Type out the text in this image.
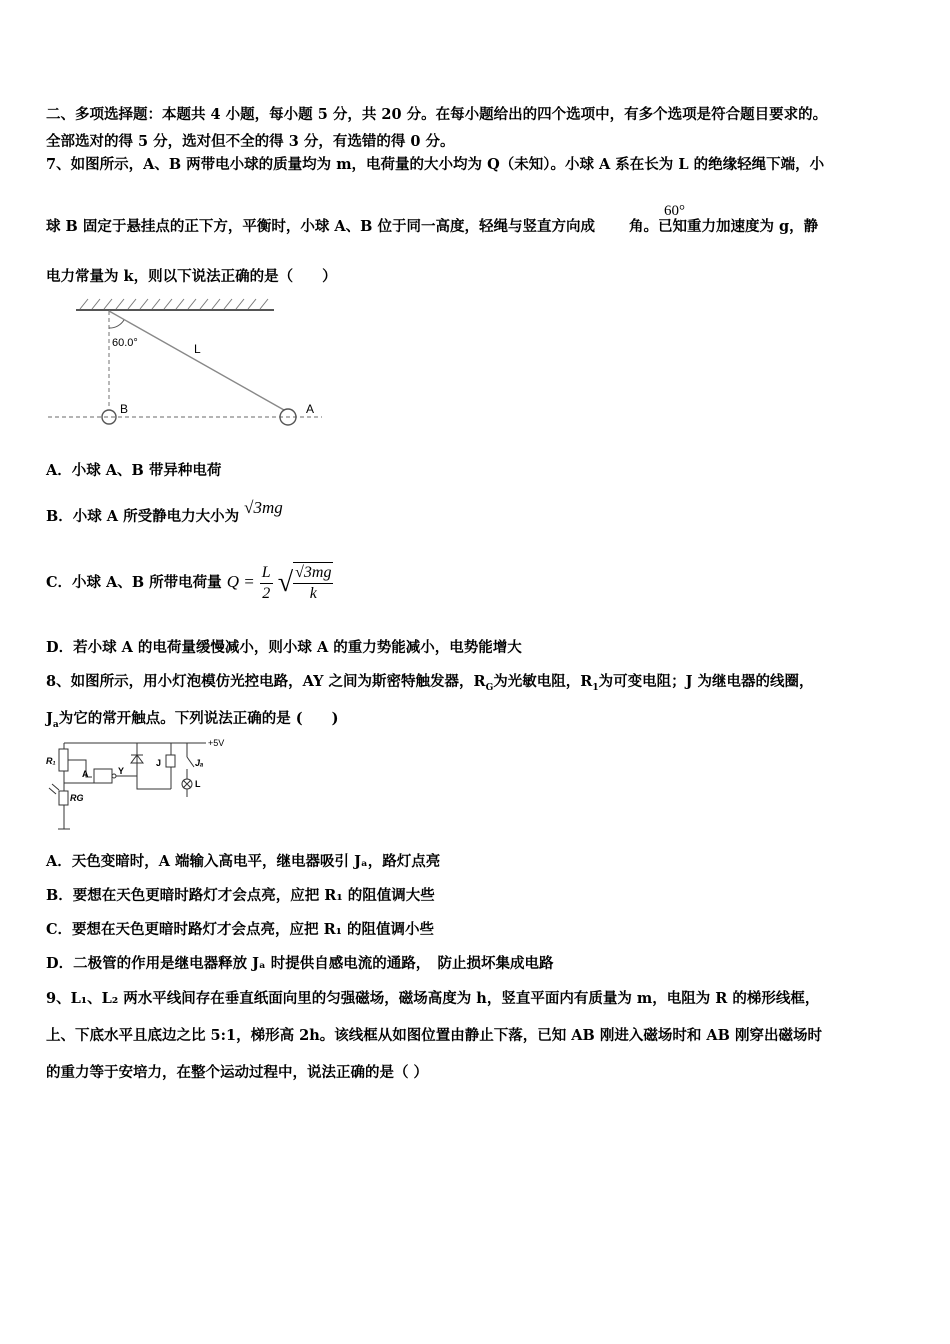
二、多项选择题：本题共 4 小题，每小题 5 分，共 20 分。在每小题给出的四个选项中，有多个选项是符合题目要求的。
全部选对的得 5 分，选对但不全的得 3 分，有选错的得 0 分。
7、如图所示，A、B 两带电小球的质量均为 m，电荷量的大小均为 Q（未知）。小球 A 系在长为 L 的绝缘轻绳下端，小
球 B 固定于悬挂点的正下方，平衡时，小球 A、B 位于同一高度，轻绳与竖直方向成 角。已知重力加速度为 g，静
60°
电力常量为 k，则以下说法正确的是（　　）
60.0°	L
B	A
A．小球 A、B 带异种电荷
B．小球 A 所受静电力大小为 √3mg
C．小球 A、B 所带电荷量 $Q = \frac{L}{2}$ √ $\frac{√3mg}{k}$
D．若小球 A 的电荷量缓慢减小，则小球 A 的重力势能减小，电势能增大
8、如图所示，用小灯泡模仿光控电路，AY 之间为斯密特触发器，$R_G$为光敏电阻，$R_1$为可变电阻；J 为继电器的线圈，
$J_a$为它的常开触点。下列说法正确的是 (　　)
+5V
R₁
RG
A	Y
J	Jₐ
L
A．天色变暗时，A 端输入高电平，继电器吸引 Jₐ，路灯点亮
B．要想在天色更暗时路灯才会点亮，应把 R₁ 的阻值调大些
C．要想在天色更暗时路灯才会点亮，应把 R₁ 的阻值调小些
D．二极管的作用是继电器释放 Jₐ 时提供自感电流的通路，　防止损坏集成电路
9、L₁、L₂ 两水平线间存在垂直纸面向里的匀强磁场，磁场高度为 h，竖直平面内有质量为 m，电阻为 R 的梯形线框，
上、下底水平且底边之比 5:1，梯形高 2h。该线框从如图位置由静止下落，已知 AB 刚进入磁场时和 AB 刚穿出磁场时
的重力等于安培力，在整个运动过程中，说法正确的是（ ）
